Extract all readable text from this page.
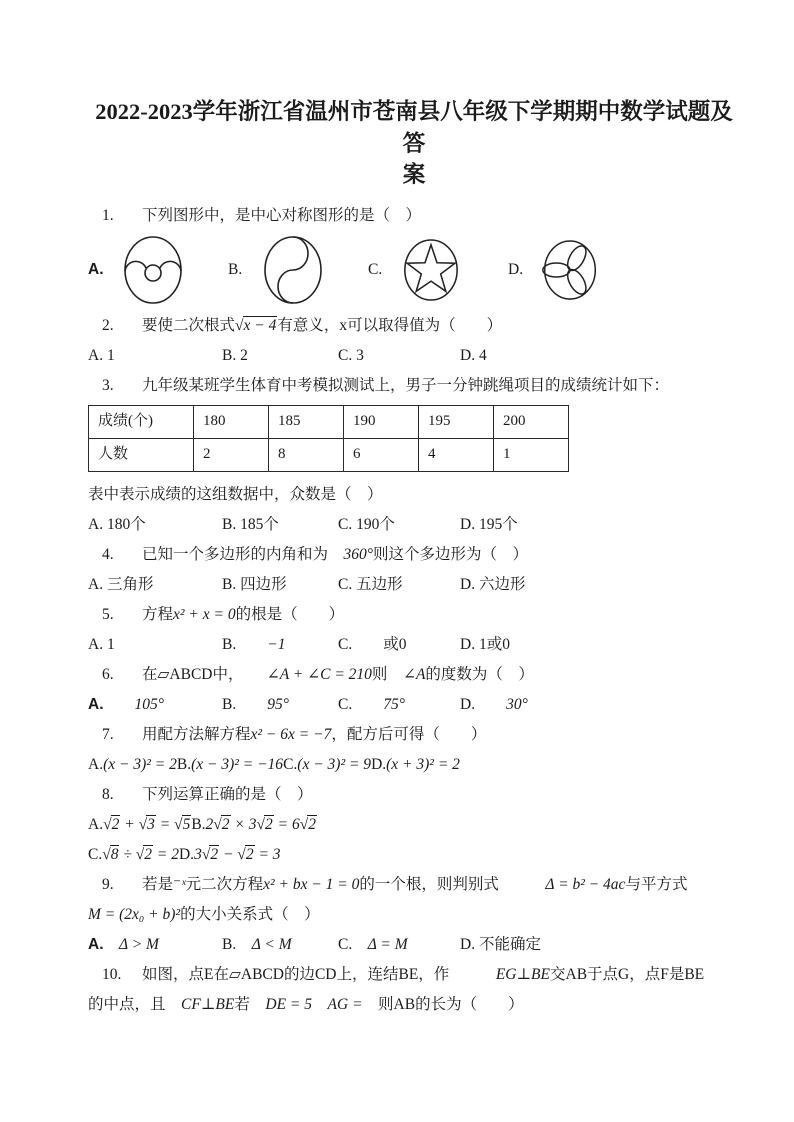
2022-2023学年浙江省温州市苍南县八年级下学期期中数学试题及答
案
1. 下列图形中，是中心对称图形的是（　）
A.	B.	C.	D.
2. 要使二次根式√x − 4有意义，x可以取得值为（　　）
A. 1	B. 2	C. 3	D. 4
3. 九年级某班学生体育中考模拟测试上，男子一分钟跳绳项目的成绩统计如下：
成绩(个)	180	185	190	195	200
人数	2	8	6	4	1
表中表示成绩的这组数据中，众数是（　）
A. 180个	B. 185个	C. 190个	D. 195个
4. 已知一个多边形的内角和为　 360°则这个多边形为（　）
A. 三角形	B. 四边形	C. 五边形	D. 六边形
5. 方程x² + x = 0的根是（　　）
A. 1	B.　　 −1	C.　　 或0	D. 1或0
6. 在▱ABCD中，　　 ∠A + ∠C = 210则　 ∠A的度数为（　）
A.　　 105°	B.　　 95°	C.　　 75°	D.　　 30°
7. 用配方法解方程x² − 6x = −7，配方后可得（　　）
A.(x − 3)² = 2B.(x − 3)² = −16C.(x − 3)² = 9D.(x + 3)² = 2
8. 下列运算正确的是（　）
A.√2 + √3 = √5B.2√2 × 3√2 = 6√2
C.√8 ÷ √2 = 2D.3√2 − √2 = 3
9. 若是⁻ˣ元二次方程x² + bx − 1 = 0的一个根，则判别式　　　	Δ = b² − 4ac与平方式
M = (2x₀ + b)²的大小关系式（　）
A.　 Δ > M	B.　 Δ < M	C.　 Δ = M	D. 不能确定
10. 如图，点E在▱ABCD的边CD上，连结BE，作　　　	EG⊥BE交AB于点G，点F是BE
的中点，且　 CF⊥BE若　 DE = 5　 AG =　 则AB的长为（　　）
